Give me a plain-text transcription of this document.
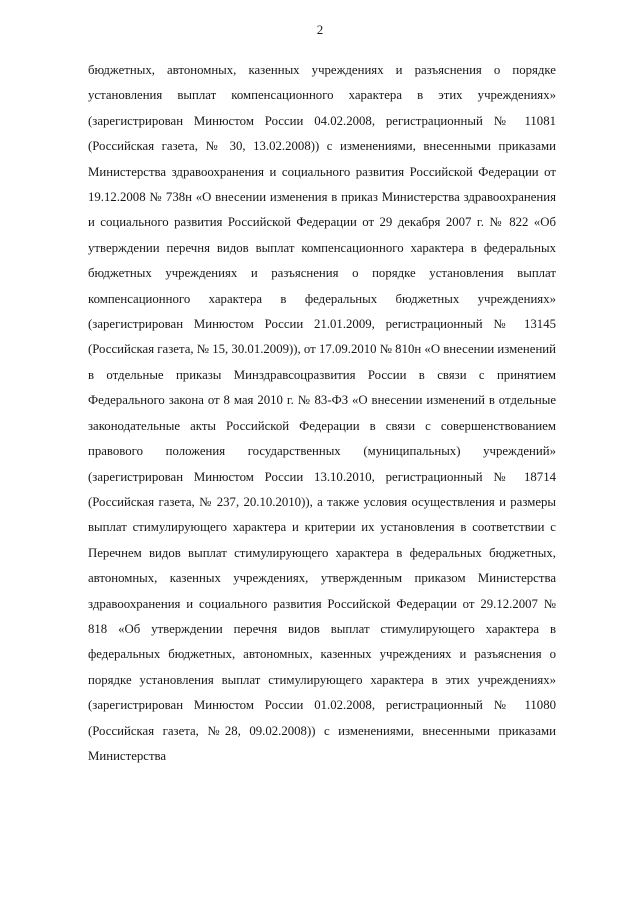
2

бюджетных, автономных, казенных учреждениях и разъяснения о порядке установления выплат компенсационного характера в этих учреждениях» (зарегистрирован Минюстом России 04.02.2008, регистрационный № 11081 (Российская газета, № 30, 13.02.2008)) с изменениями, внесенными приказами Министерства здравоохранения и социального развития Российской Федерации от 19.12.2008 № 738н «О внесении изменения в приказ Министерства здравоохранения и социального развития Российской Федерации от 29 декабря 2007 г. № 822 «Об утверждении перечня видов выплат компенсационного характера в федеральных бюджетных учреждениях и разъяснения о порядке установления выплат компенсационного характера в федеральных бюджетных учреждениях» (зарегистрирован Минюстом России 21.01.2009, регистрационный № 13145 (Российская газета, № 15, 30.01.2009)), от 17.09.2010 № 810н «О внесении изменений в отдельные приказы Минздравсоцразвития России в связи с принятием Федерального закона от 8 мая 2010 г. № 83-ФЗ «О внесении изменений в отдельные законодательные акты Российской Федерации в связи с совершенствованием правового положения государственных (муниципальных) учреждений» (зарегистрирован Минюстом России 13.10.2010, регистрационный № 18714 (Российская газета, № 237, 20.10.2010)), а также условия осуществления и размеры выплат стимулирующего характера и критерии их установления в соответствии с Перечнем видов выплат стимулирующего характера в федеральных бюджетных, автономных, казенных учреждениях, утвержденным приказом Министерства здравоохранения и социального развития Российской Федерации от 29.12.2007 № 818 «Об утверждении перечня видов выплат стимулирующего характера в федеральных бюджетных, автономных, казенных учреждениях и разъяснения о порядке установления выплат стимулирующего характера в этих учреждениях» (зарегистрирован Минюстом России 01.02.2008, регистрационный № 11080 (Российская газета, №28, 09.02.2008)) с изменениями, внесенными приказами Министерства
